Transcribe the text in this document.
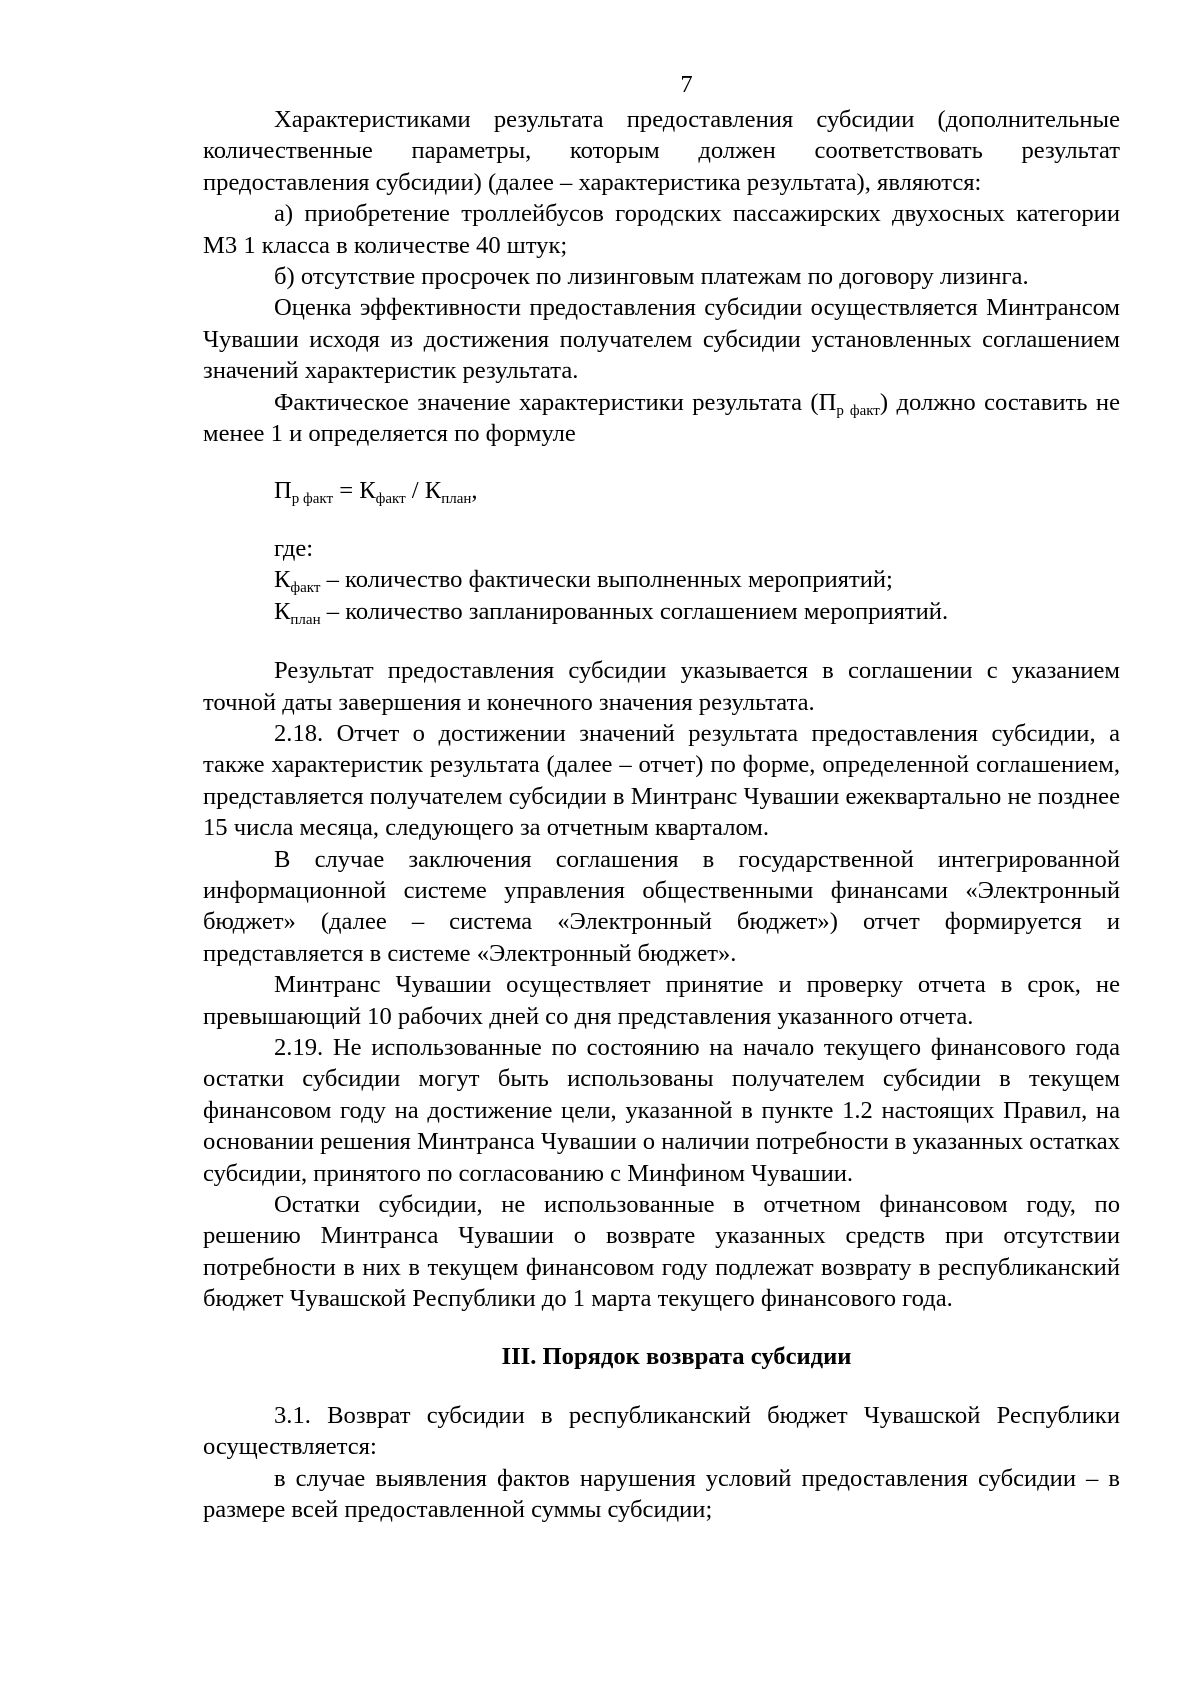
7

Характеристиками результата предоставления субсидии (дополнительные количественные параметры, которым должен соответствовать результат предоставления субсидии) (далее – характеристика результата), являются:

а) приобретение троллейбусов городских пассажирских двухосных категории М3 1 класса в количестве 40 штук;

б) отсутствие просрочек по лизинговым платежам по договору лизинга.

Оценка эффективности предоставления субсидии осуществляется Минтрансом Чувашии исходя из достижения получателем субсидии установленных соглашением значений характеристик результата.

Фактическое значение характеристики результата $(П_{р факт})$ должно составить не менее 1 и определяется по формуле

$П_{р факт} = К_{факт} / К_{план}$,
где:
$К_{факт}$ – количество фактически выполненных мероприятий;
$К_{план}$ – количество запланированных соглашением мероприятий.

Результат предоставления субсидии указывается в соглашении с указанием точной даты завершения и конечного значения результата.

2.18. Отчет о достижении значений результата предоставления субсидии, а также характеристик результата (далее – отчет) по форме, определенной соглашением, представляется получателем субсидии в Минтранс Чувашии ежеквартально не позднее 15 числа месяца, следующего за отчетным кварталом.

В случае заключения соглашения в государственной интегрированной информационной системе управления общественными финансами «Электронный бюджет» (далее – система «Электронный бюджет») отчет формируется и представляется в системе «Электронный бюджет».

Минтранс Чувашии осуществляет принятие и проверку отчета в срок, не превышающий 10 рабочих дней со дня представления указанного отчета.

2.19. Не использованные по состоянию на начало текущего финансового года остатки субсидии могут быть использованы получателем субсидии в текущем финансовом году на достижение цели, указанной в пункте 1.2 настоящих Правил, на основании решения Минтранса Чувашии о наличии потребности в указанных остатках субсидии, принятого по согласованию с Минфином Чувашии.

Остатки субсидии, не использованные в отчетном финансовом году, по решению Минтранса Чувашии о возврате указанных средств при отсутствии потребности в них в текущем финансовом году подлежат возврату в республиканский бюджет Чувашской Республики до 1 марта текущего финансового года.

III. Порядок возврата субсидии

3.1. Возврат субсидии в республиканский бюджет Чувашской Республики осуществляется:

в случае выявления фактов нарушения условий предоставления субсидии – в размере всей предоставленной суммы субсидии;
